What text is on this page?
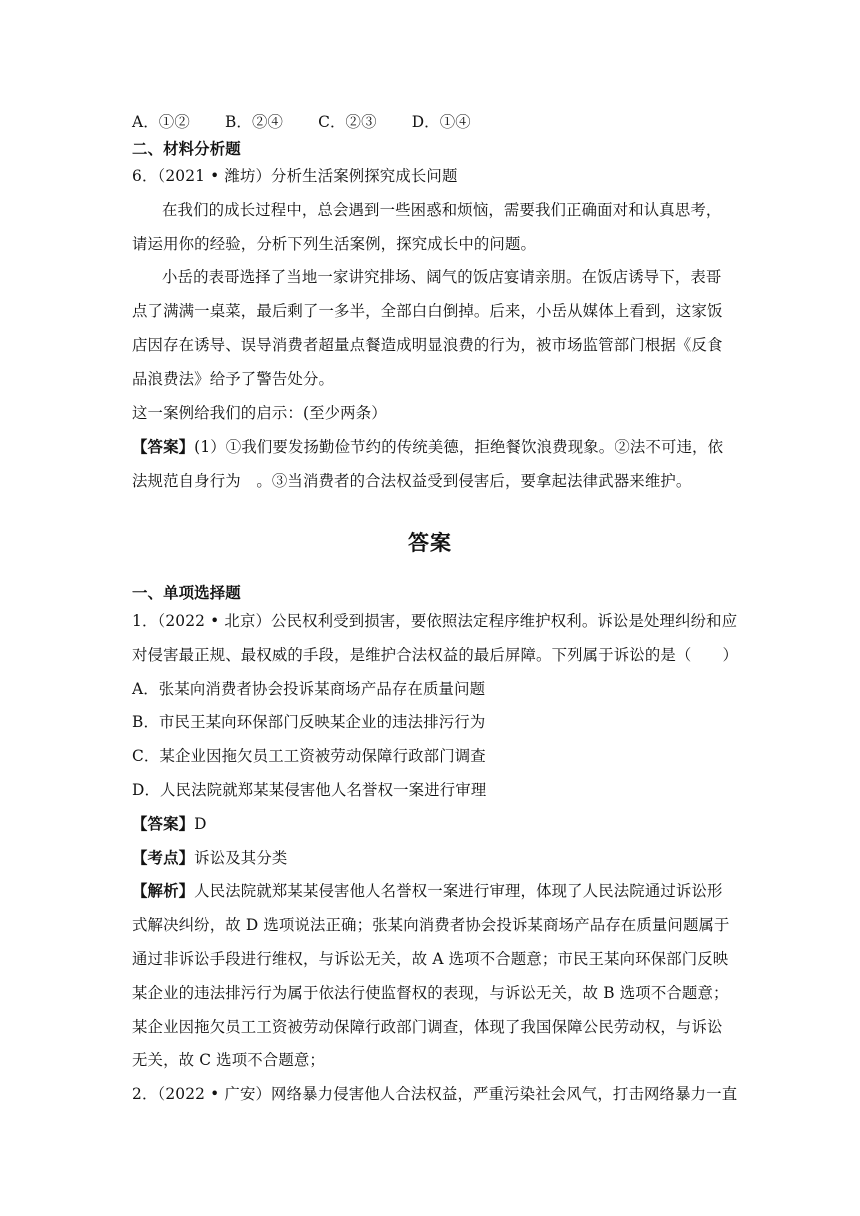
A．①② B．②④ C．②③ D．①④
二、材料分析题
6．（2021 • 潍坊）分析生活案例探究成长问题
在我们的成长过程中，总会遇到一些困惑和烦恼，需要我们正确面对和认真思考，
请运用你的经验，分析下列生活案例，探究成长中的问题。
小岳的表哥选择了当地一家讲究排场、阔气的饭店宴请亲朋。在饭店诱导下，表哥
点了满满一桌菜，最后剩了一多半，全部白白倒掉。后来，小岳从媒体上看到，这家饭
店因存在诱导、误导消费者超量点餐造成明显浪费的行为，被市场监管部门根据《反食
品浪费法》给予了警告处分。
这一案例给我们的启示：(至少两条）
【答案】(1）①我们要发扬勤俭节约的传统美德，拒绝餐饮浪费现象。②法不可违，依
法规范自身行为　。③当消费者的合法权益受到侵害后，要拿起法律武器来维护。
答案
一、单项选择题
1．（2022 • 北京）公民权利受到损害，要依照法定程序维护权利。诉讼是处理纠纷和应
对侵害最正规、最权威的手段，是维护合法权益的最后屏障。下列属于诉讼的是（　　）
A．张某向消费者协会投诉某商场产品存在质量问题
B．市民王某向环保部门反映某企业的违法排污行为
C．某企业因拖欠员工工资被劳动保障行政部门调查
D．人民法院就郑某某侵害他人名誉权一案进行审理
【答案】D
【考点】诉讼及其分类
【解析】人民法院就郑某某侵害他人名誉权一案进行审理，体现了人民法院通过诉讼形
式解决纠纷，故 D 选项说法正确；张某向消费者协会投诉某商场产品存在质量问题属于
通过非诉讼手段进行维权，与诉讼无关，故 A 选项不合题意；市民王某向环保部门反映
某企业的违法排污行为属于依法行使监督权的表现，与诉讼无关，故 B 选项不合题意；
某企业因拖欠员工工资被劳动保障行政部门调查，体现了我国保障公民劳动权，与诉讼
无关，故 C 选项不合题意；
2．（2022 • 广安）网络暴力侵害他人合法权益，严重污染社会风气，打击网络暴力一直
